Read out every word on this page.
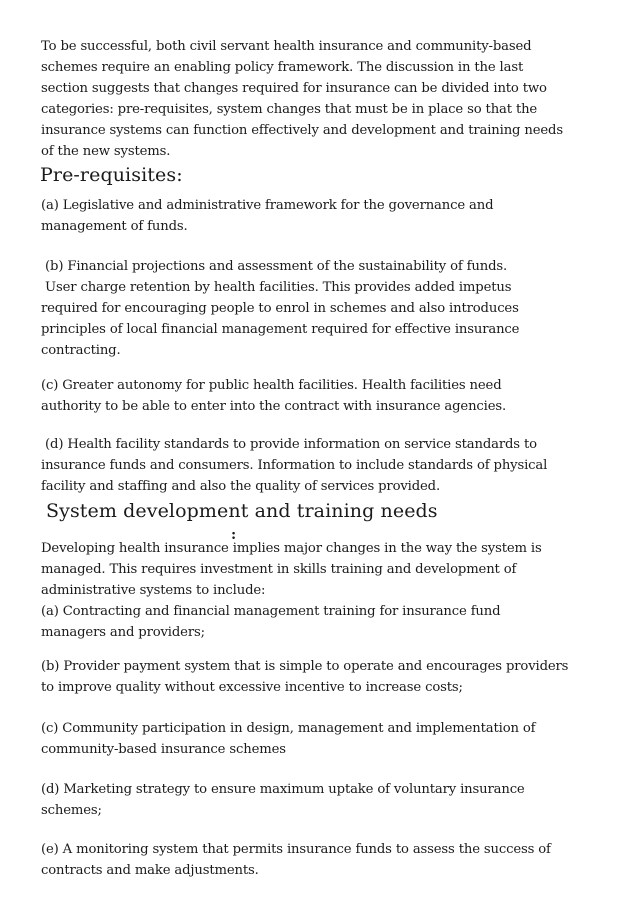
To be successful, both civil servant health insurance and community-based
schemes require an enabling policy framework. The discussion in the last
section suggests that changes required for insurance can be divided into two
categories: pre-requisites, system changes that must be in place so that the
insurance systems can function effectively and development and training needs
of the new systems.

Pre-requisites:

(a) Legislative and administrative framework for the governance and
management of funds.

(b) Financial projections and assessment of the sustainability of funds.
User charge retention by health facilities. This provides added impetus
required for encouraging people to enrol in schemes and also introduces
principles of local financial management required for effective insurance
contracting.

(c) Greater autonomy for public health facilities. Health facilities need
authority to be able to enter into the contract with insurance agencies.

(d) Health facility standards to provide information on service standards to
insurance funds and consumers. Information to include standards of physical
facility and staffing and also the quality of services provided.

System development and training needs
:

Developing health insurance implies major changes in the way the system is
managed. This requires investment in skills training and development of
administrative systems to include:
(a) Contracting and financial management training for insurance fund
managers and providers;

(b) Provider payment system that is simple to operate and encourages providers
to improve quality without excessive incentive to increase costs;

(c) Community participation in design, management and implementation of
community-based insurance schemes

(d) Marketing strategy to ensure maximum uptake of voluntary insurance
schemes;

(e) A monitoring system that permits insurance funds to assess the success of
contracts and make adjustments.
